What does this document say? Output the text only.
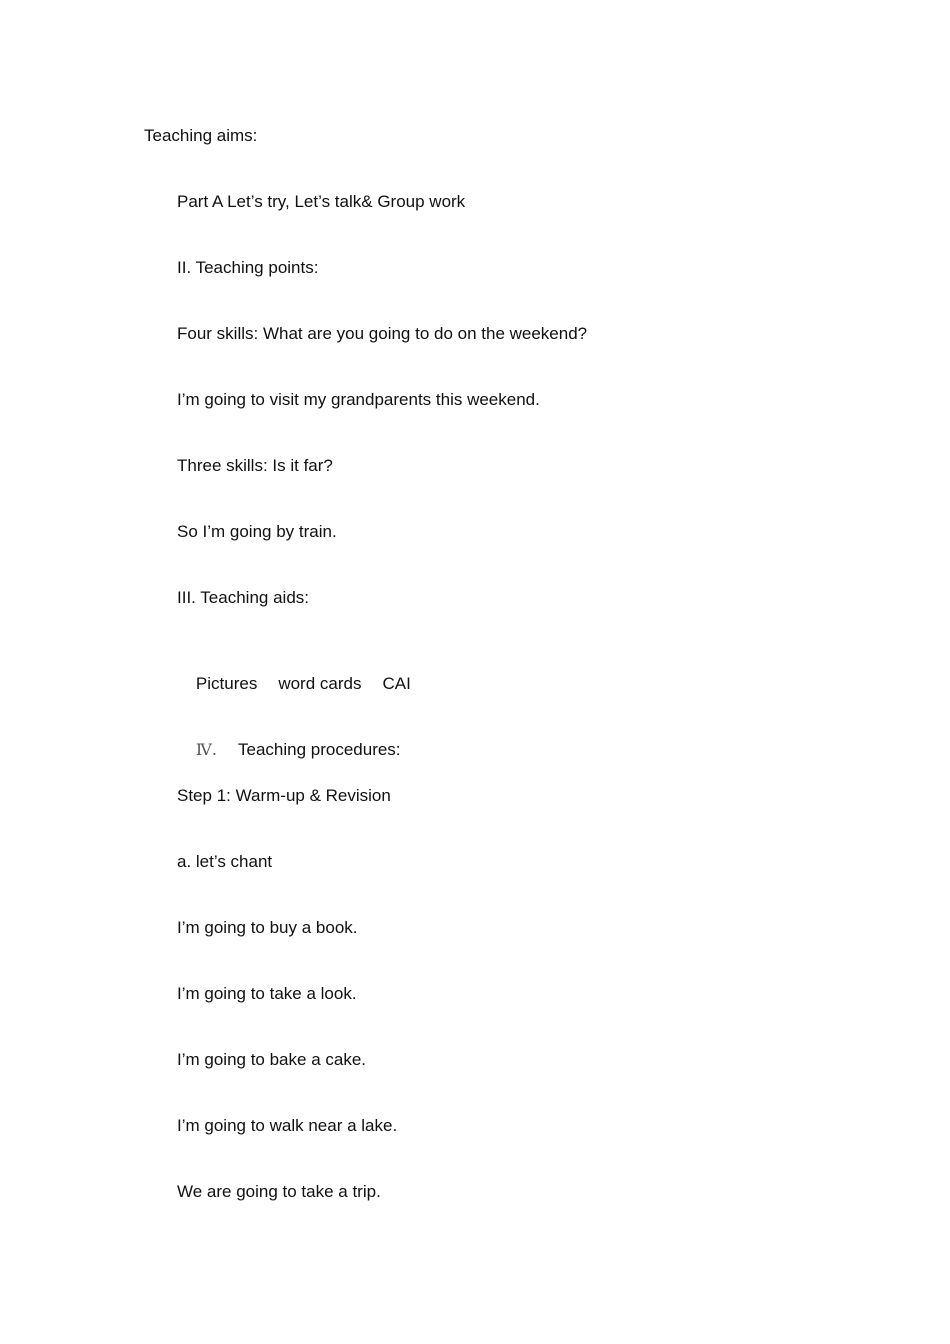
Teaching aims:
Part A Let’s try, Let’s talk& Group work
II. Teaching points:
Four skills: What are you going to do on the weekend?
I’m going to visit my grandparents this weekend.
Three skills: Is it far?
So I’m going by train.
III. Teaching aids:

Pictures word cards CAI

Ⅳ. Teaching procedures:

Step 1: Warm-up & Revision
a. let’s chant
I’m going to buy a book.
I’m going to take a look.
I’m going to bake a cake.
I’m going to walk near a lake.
We are going to take a trip.
